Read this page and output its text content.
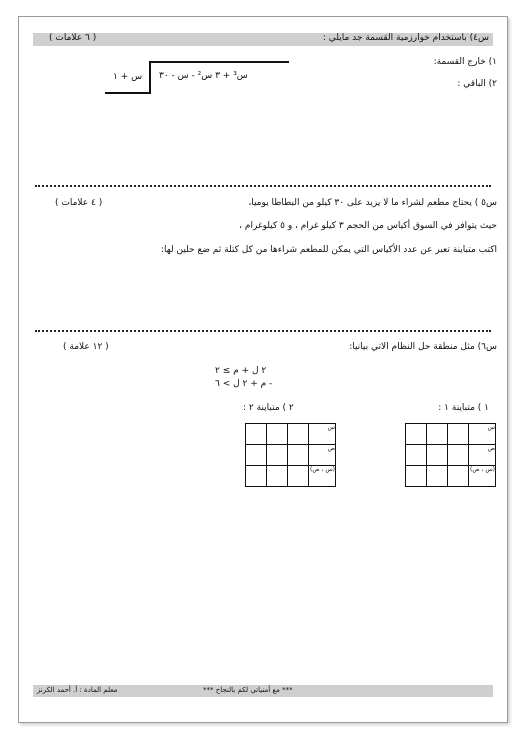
س٤) باستخدام خوارزمية القسمة جد مايلي :
( ٦ علامات )
١) خارج القسمة:
٢) الباقي :
س³ + ٣ س² - س - ٣٠
س + ١
س٥ ) يحتاج مطعم لشراء ما لا يزيد على ٣٠ كيلو من البطاطا يوميا،
( ٤ علامات )
حيث يتوافر في السوق أكياس من الحجم ٣ كيلو غرام ، و ٥ كيلوغرام ،
اكتب متباينة تعبر عن عدد الأكياس التي يمكن للمطعم شراءها من كل كتلة ثم ضع حلين لها:
س٦) مثل منطقة حل النظام الاتي بيانيا:
( ١٢ علامة )
٢ ل + م ≥ ٢
- م + ٢ ل > ٦
١ ) متباينة ١ :
٢ ) متباينة ٢ :
			س
			ص
			(س ، ص)
			س
			ص
			(س ، ص)
معلم المادة : أ. أحمد الكرنز	*** مع أمنياتي لكم بالنجاح ***
